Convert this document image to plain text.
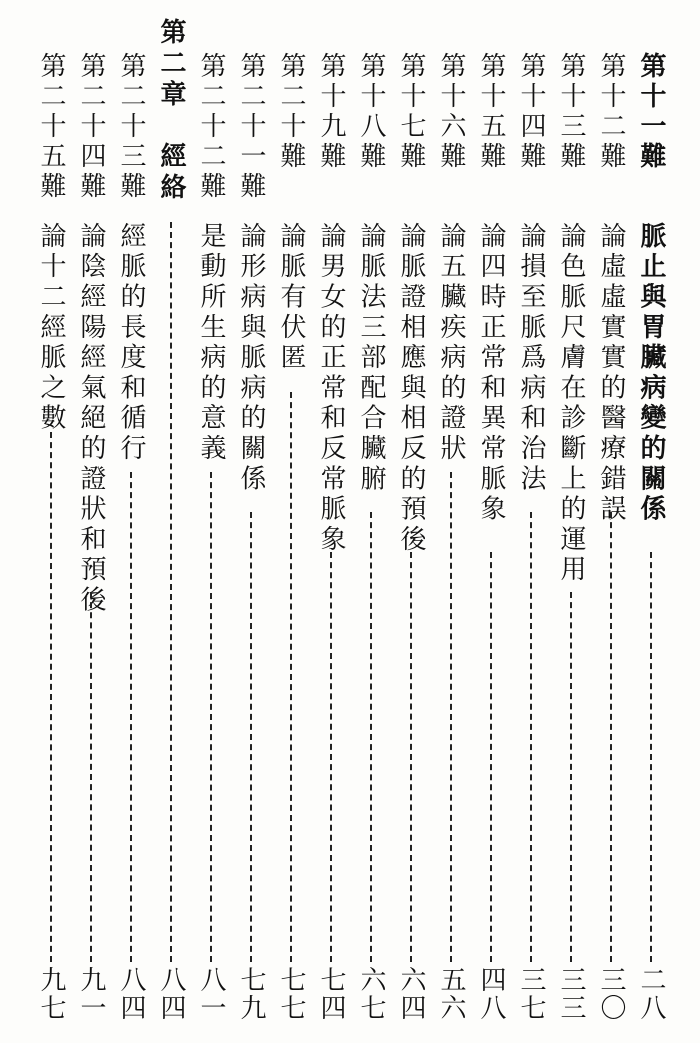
第十一難
脈止與胃臟病變的關係
二八
第十二難
論虛虛實實的醫療錯誤
三〇
第十三難
論色脈尺膚在診斷上的運用
三三
第十四難
論損至脈爲病和治法
三七
第十五難
論四時正常和異常脈象
四八
第十六難
論五臟疾病的證狀
五六
第十七難
論脈證相應與相反的預後
六四
第十八難
論脈法三部配合臟腑
六七
第十九難
論男女的正常和反常脈象
七四
第二十難
論脈有伏匿
七七
第二十一難
論形病與脈病的關係
七九
第二十二難
是動所生病的意義
八一
第二章　經絡
八四
第二十三難
經脈的長度和循行
八四
第二十四難
論陰經陽經氣絕的證狀和預後
九一
第二十五難
論十二經脈之數
九七
